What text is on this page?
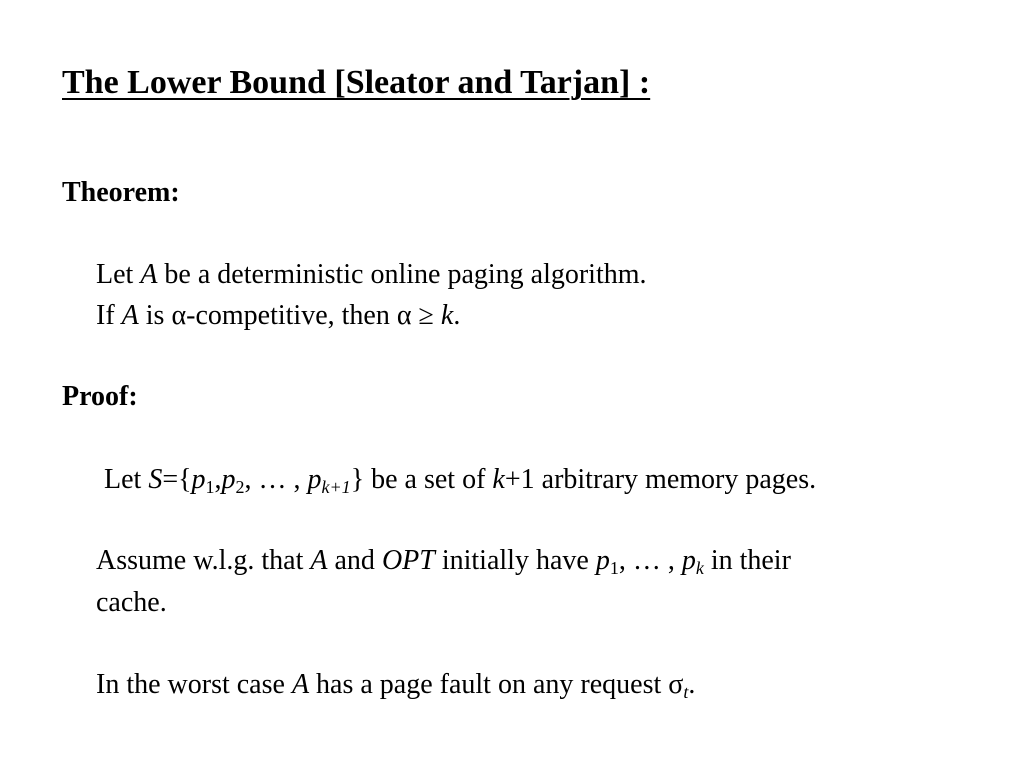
The Lower Bound [Sleator and Tarjan] :
Theorem:
Let A be a deterministic online paging algorithm.
If A is α-competitive, then α ≥ k.
Proof:
Let $S=\{p_1,p_2$, … , $p_{k+1}$} be a set of k+1 arbitrary memory pages.
Assume w.l.g. that A and OPT initially have $p_1$, … , $p_k$ in their
cache.
In the worst case A has a page fault on any request $\sigma_t$.
